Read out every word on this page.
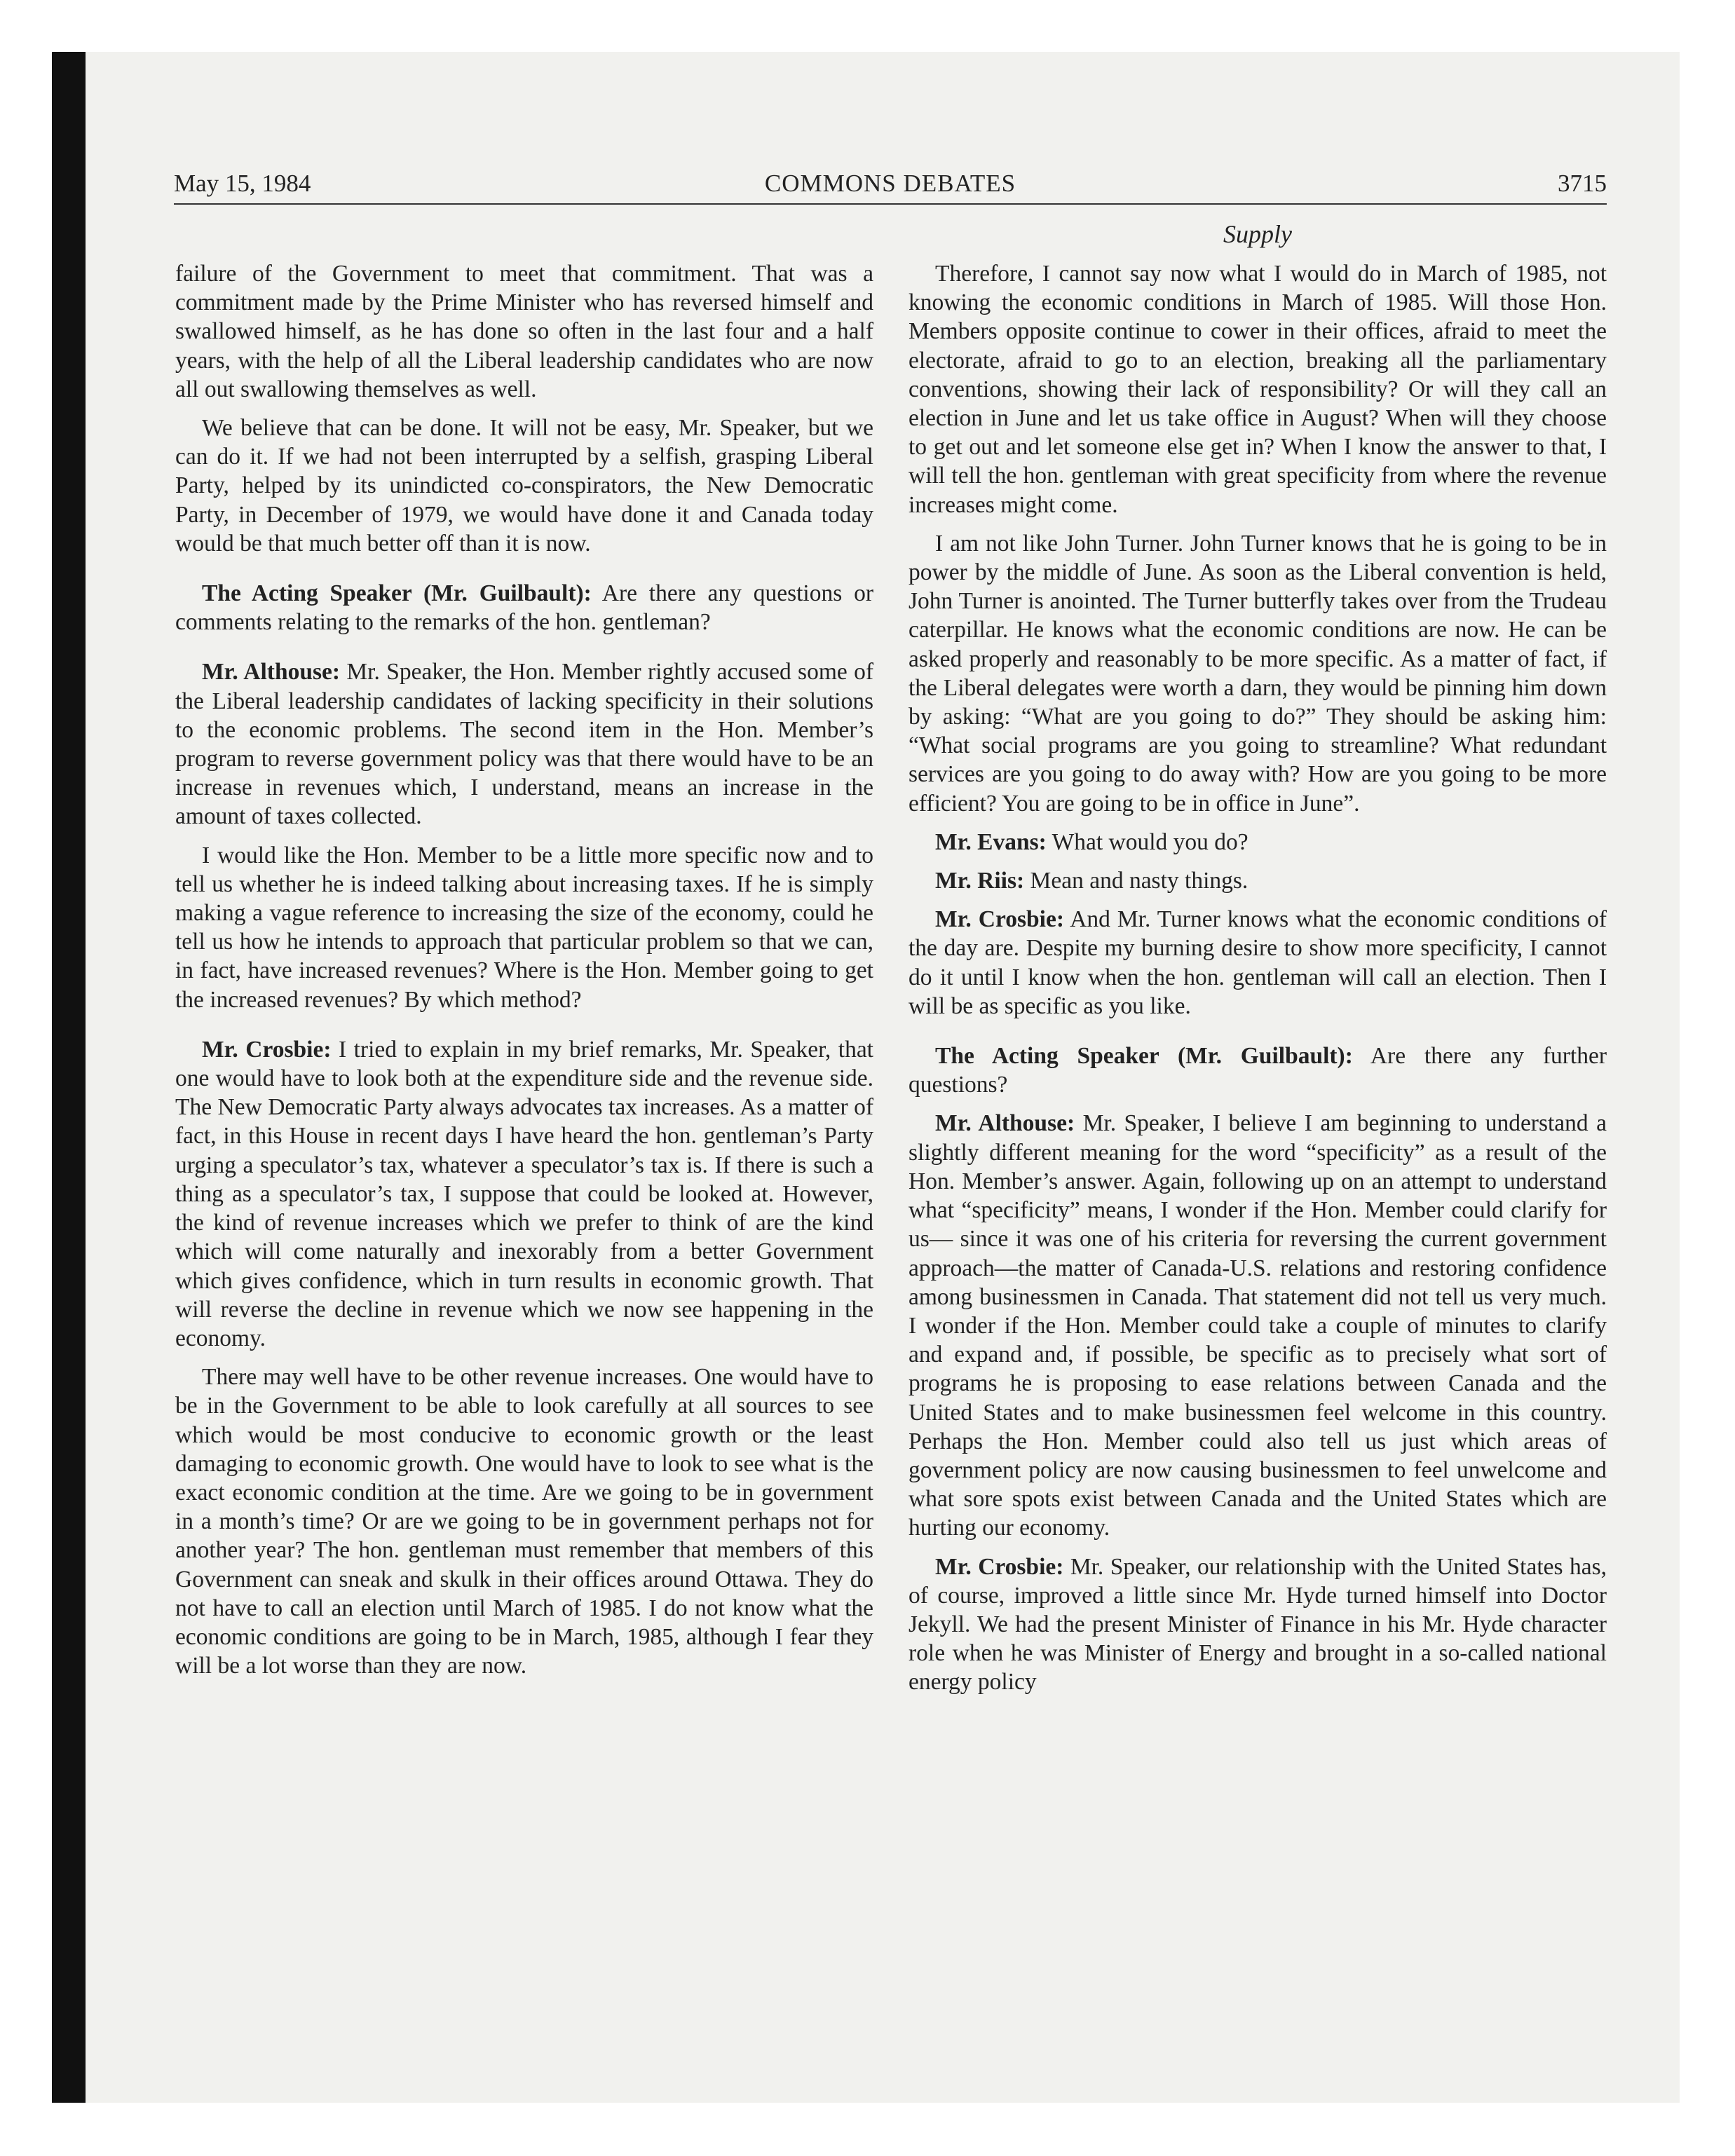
May 15, 1984	COMMONS DEBATES	3715
Supply

failure of the Government to meet that commitment. That was a commitment made by the Prime Minister who has reversed himself and swallowed himself, as he has done so often in the last four and a half years, with the help of all the Liberal leadership candidates who are now all out swallowing themselves as well.

We believe that can be done. It will not be easy, Mr. Speaker, but we can do it. If we had not been interrupted by a selfish, grasping Liberal Party, helped by its unindicted co-conspirators, the New Democratic Party, in December of 1979, we would have done it and Canada today would be that much better off than it is now.

The Acting Speaker (Mr. Guilbault): Are there any questions or comments relating to the remarks of the hon. gentleman?

Mr. Althouse: Mr. Speaker, the Hon. Member rightly accused some of the Liberal leadership candidates of lacking specificity in their solutions to the economic problems. The second item in the Hon. Member’s program to reverse government policy was that there would have to be an increase in revenues which, I understand, means an increase in the amount of taxes collected.

I would like the Hon. Member to be a little more specific now and to tell us whether he is indeed talking about increasing taxes. If he is simply making a vague reference to increasing the size of the economy, could he tell us how he intends to approach that particular problem so that we can, in fact, have increased revenues? Where is the Hon. Member going to get the increased revenues? By which method?

Mr. Crosbie: I tried to explain in my brief remarks, Mr. Speaker, that one would have to look both at the expenditure side and the revenue side. The New Democratic Party always advocates tax increases. As a matter of fact, in this House in recent days I have heard the hon. gentleman’s Party urging a speculator’s tax, whatever a speculator’s tax is. If there is such a thing as a speculator’s tax, I suppose that could be looked at. However, the kind of revenue increases which we prefer to think of are the kind which will come naturally and inexorably from a better Government which gives confidence, which in turn results in economic growth. That will reverse the decline in revenue which we now see happening in the economy.

There may well have to be other revenue increases. One would have to be in the Government to be able to look carefully at all sources to see which would be most conducive to economic growth or the least damaging to economic growth. One would have to look to see what is the exact economic condition at the time. Are we going to be in government in a month’s time? Or are we going to be in government perhaps not for another year? The hon. gentleman must remember that members of this Government can sneak and skulk in their offices around Ottawa. They do not have to call an election until March of 1985. I do not know what the economic conditions are going to be in March, 1985, although I fear they will be a lot worse than they are now.

Therefore, I cannot say now what I would do in March of 1985, not knowing the economic conditions in March of 1985. Will those Hon. Members opposite continue to cower in their offices, afraid to meet the electorate, afraid to go to an election, breaking all the parliamentary conventions, showing their lack of responsibility? Or will they call an election in June and let us take office in August? When will they choose to get out and let someone else get in? When I know the answer to that, I will tell the hon. gentleman with great specificity from where the revenue increases might come.

I am not like John Turner. John Turner knows that he is going to be in power by the middle of June. As soon as the Liberal convention is held, John Turner is anointed. The Turner butterfly takes over from the Trudeau caterpillar. He knows what the economic conditions are now. He can be asked properly and reasonably to be more specific. As a matter of fact, if the Liberal delegates were worth a darn, they would be pinning him down by asking: “What are you going to do?” They should be asking him: “What social programs are you going to streamline? What redundant services are you going to do away with? How are you going to be more efficient? You are going to be in office in June”.

Mr. Evans: What would you do?

Mr. Riis: Mean and nasty things.

Mr. Crosbie: And Mr. Turner knows what the economic conditions of the day are. Despite my burning desire to show more specificity, I cannot do it until I know when the hon. gentleman will call an election. Then I will be as specific as you like.

The Acting Speaker (Mr. Guilbault): Are there any further questions?

Mr. Althouse: Mr. Speaker, I believe I am beginning to understand a slightly different meaning for the word “specificity” as a result of the Hon. Member’s answer. Again, following up on an attempt to understand what “specificity” means, I wonder if the Hon. Member could clarify for us— since it was one of his criteria for reversing the current government approach—the matter of Canada-U.S. relations and restoring confidence among businessmen in Canada. That statement did not tell us very much. I wonder if the Hon. Member could take a couple of minutes to clarify and expand and, if possible, be specific as to precisely what sort of programs he is proposing to ease relations between Canada and the United States and to make businessmen feel welcome in this country. Perhaps the Hon. Member could also tell us just which areas of government policy are now causing businessmen to feel unwelcome and what sore spots exist between Canada and the United States which are hurting our economy.

Mr. Crosbie: Mr. Speaker, our relationship with the United States has, of course, improved a little since Mr. Hyde turned himself into Doctor Jekyll. We had the present Minister of Finance in his Mr. Hyde character role when he was Minister of Energy and brought in a so-called national energy policy
